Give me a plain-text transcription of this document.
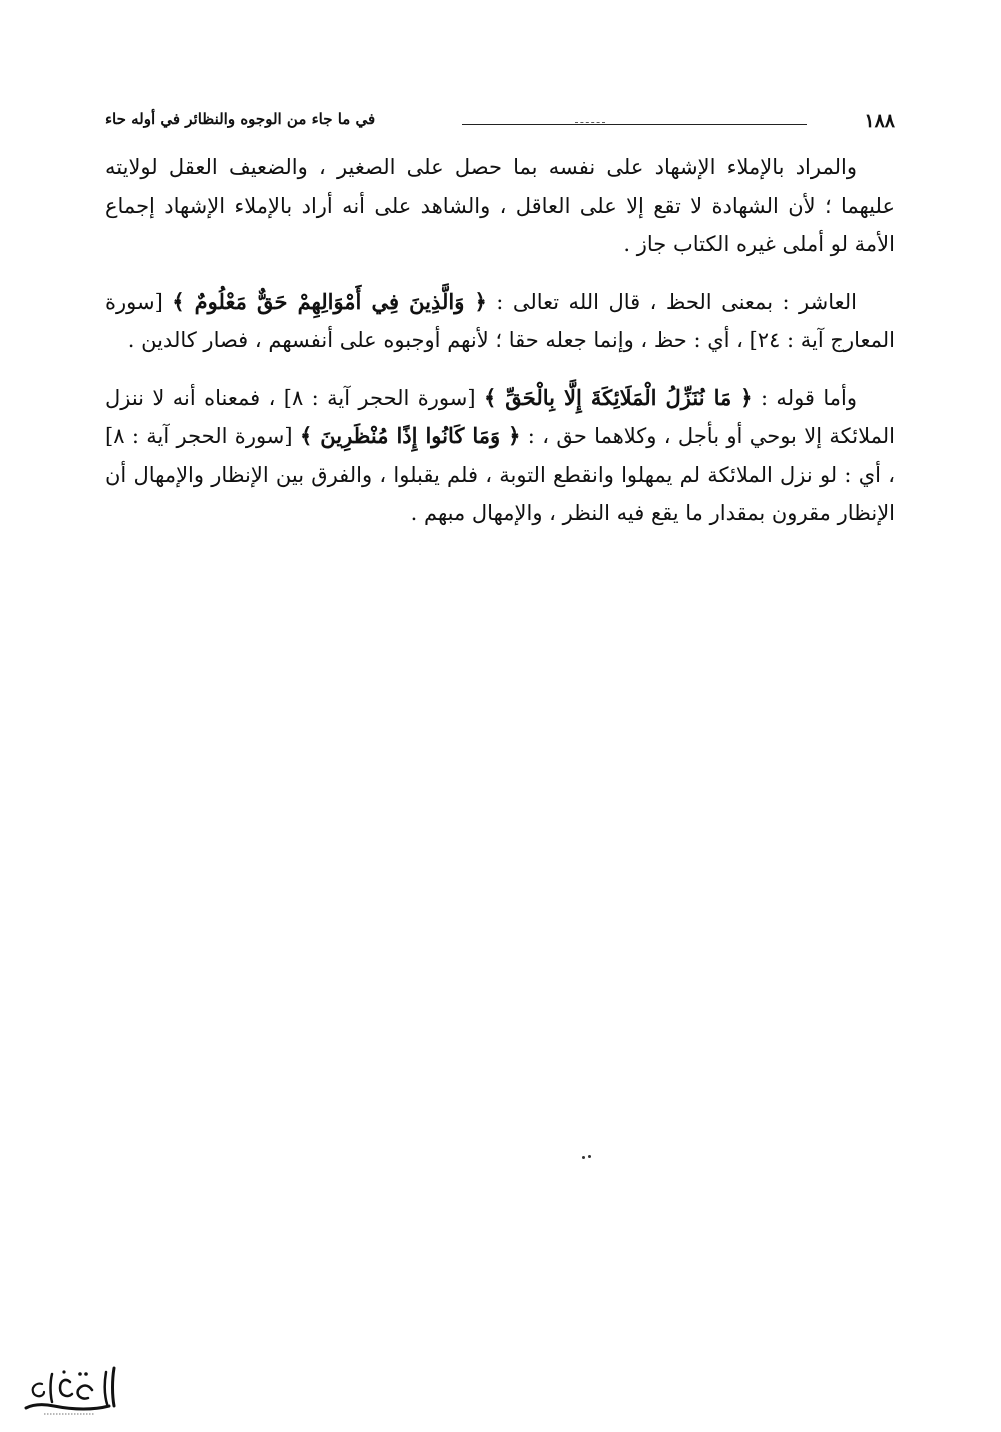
١٨٨
في ما جاء من الوجوه والنظائر في أوله حاء

والمراد بالإملاء الإشهاد على نفسه بما حصل على الصغير ، والضعيف العقل لولايته عليهما ؛ لأن الشهادة لا تقع إلا على العاقل ، والشاهد على أنه أراد بالإملاء الإشهاد إجماع الأمة لو أملى غيره الكتاب جاز .

العاشر : بمعنى الحظ ، قال الله تعالى : ﴿ وَالَّذِينَ فِي أَمْوَالِهِمْ حَقٌّ مَعْلُومٌ ﴾ [سورة المعارج آية : ٢٤] ، أي : حظ ، وإنما جعله حقا ؛ لأنهم أوجبوه على أنفسهم ، فصار كالدين .

وأما قوله : ﴿ مَا نُنَزِّلُ الْمَلَائِكَةَ إِلَّا بِالْحَقِّ ﴾ [سورة الحجر آية : ٨] ، فمعناه أنه لا ننزل الملائكة إلا بوحي أو بأجل ، وكلاهما حق ، : ﴿ وَمَا كَانُوا إِذًا مُنْظَرِينَ ﴾ [سورة الحجر آية : ٨] ، أي : لو نزل الملائكة لم يمهلوا وانقطع التوبة ، فلم يقبلوا ، والفرق بين الإنظار والإمهال أن الإنظار مقرون بمقدار ما يقع فيه النظر ، والإمهال مبهم .
